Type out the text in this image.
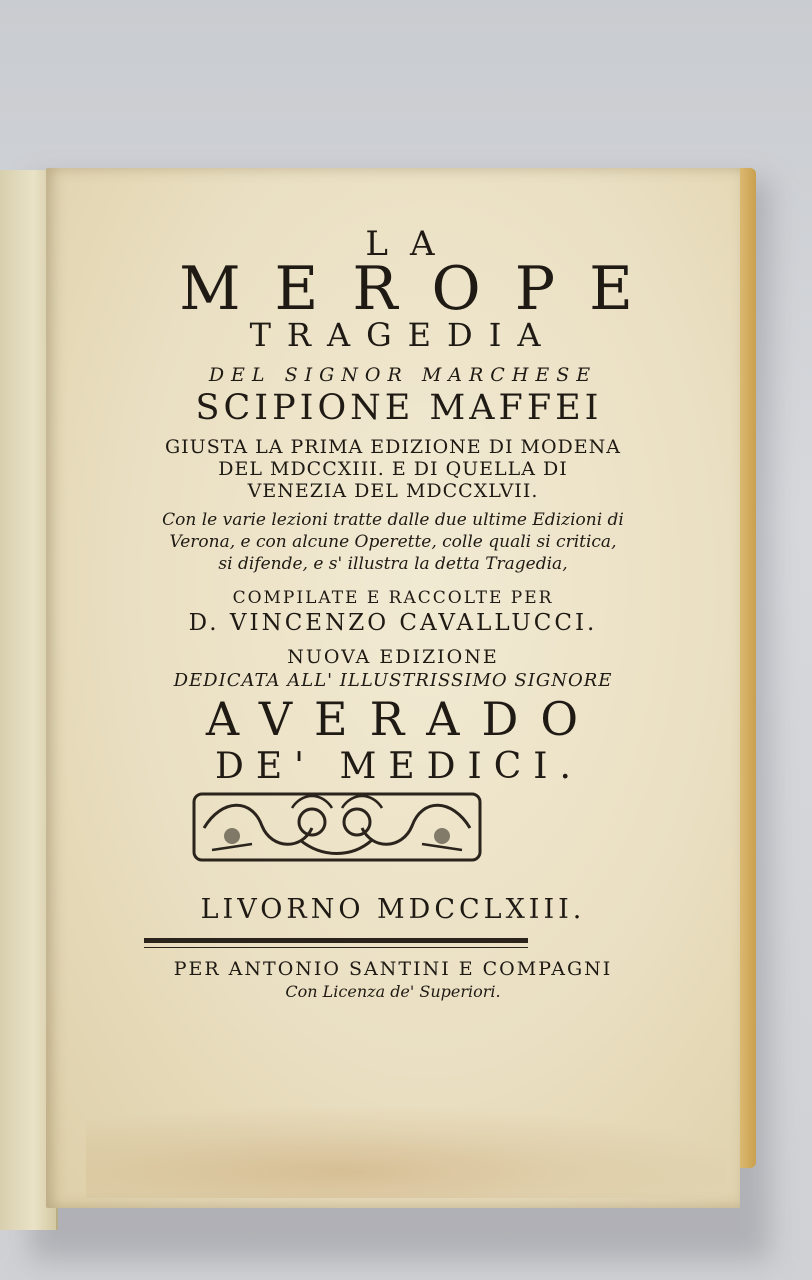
LA
MEROPE
TRAGEDIA
DEL SIGNOR MARCHESE
SCIPIONE MAFFEI
GIUSTA LA PRIMA EDIZIONE DI MODENA
DEL MDCCXIII. E DI QUELLA DI
VENEZIA DEL MDCCXLVII.
Con le varie lezioni tratte dalle due ultime Edizioni di
Verona, e con alcune Operette, colle quali si critica,
si difende, e s' illustra la detta Tragedia,
COMPILATE E RACCOLTE PER
D. VINCENZO CAVALLUCCI.
NUOVA EDIZIONE
DEDICATA ALL' ILLUSTRISSIMO SIGNORE
AVERADO
DE' MEDICI.
LIVORNO MDCCLXIII.
PER ANTONIO SANTINI E COMPAGNI
Con Licenza de' Superiori.
